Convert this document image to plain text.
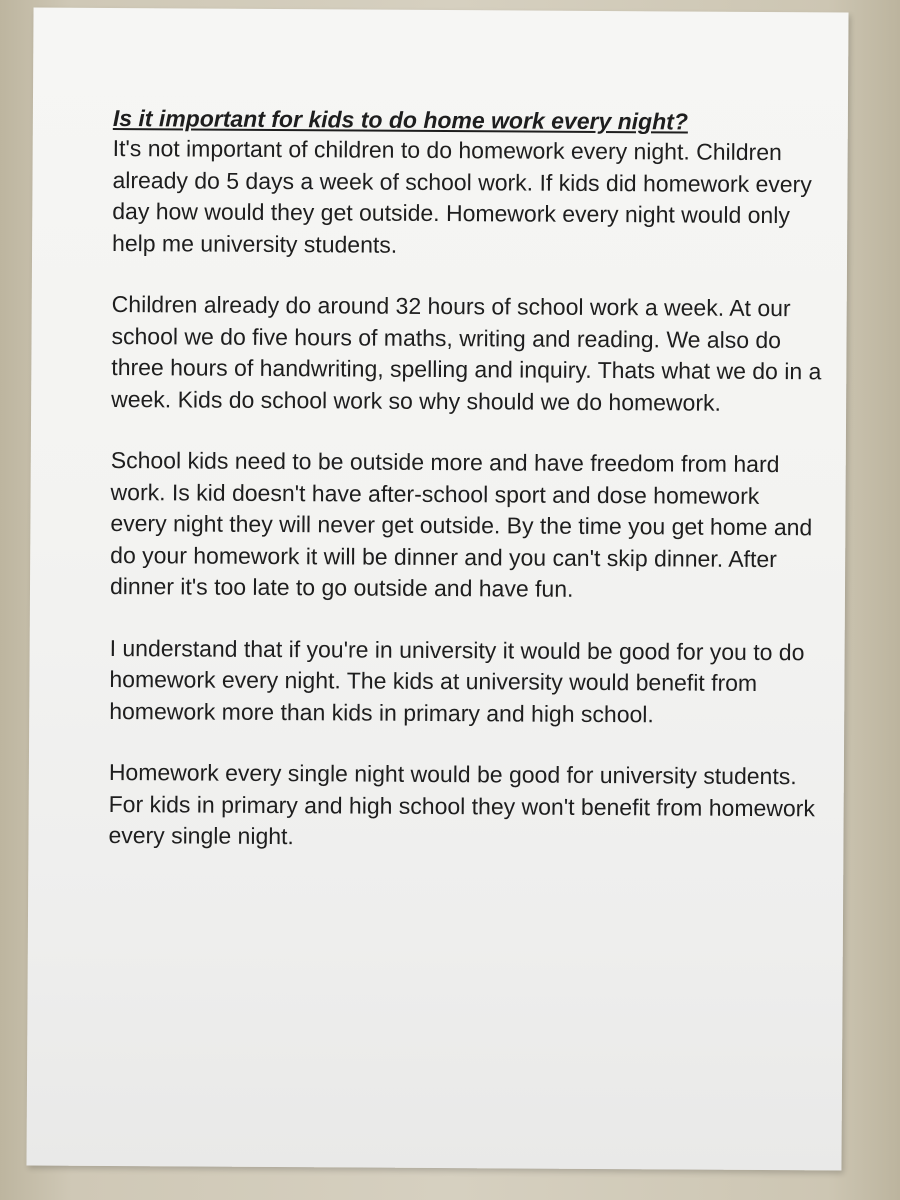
Is it important for kids to do home work every night?

It's not important of children to do homework every night. Children already do 5 days a week of school work. If kids did homework every day how would they get outside. Homework every night would only help me university students.

Children already do around 32 hours of school work a week. At our school we do five hours of maths, writing and reading. We also do three hours of handwriting, spelling and inquiry. Thats what we do in a week. Kids do school work so why should we do homework.

School kids need to be outside more and have freedom from hard work. Is kid doesn't have after-school sport and dose homework every night they will never get outside. By the time you get home and do your homework it will be dinner and you can't skip dinner. After dinner it's too late to go outside and have fun.

I understand that if you're in university it would be good for you to do homework every night. The kids at university would benefit from homework more than kids in primary and high school.

Homework every single night would be good for university students. For kids in primary and high school they won't benefit from homework every single night.
